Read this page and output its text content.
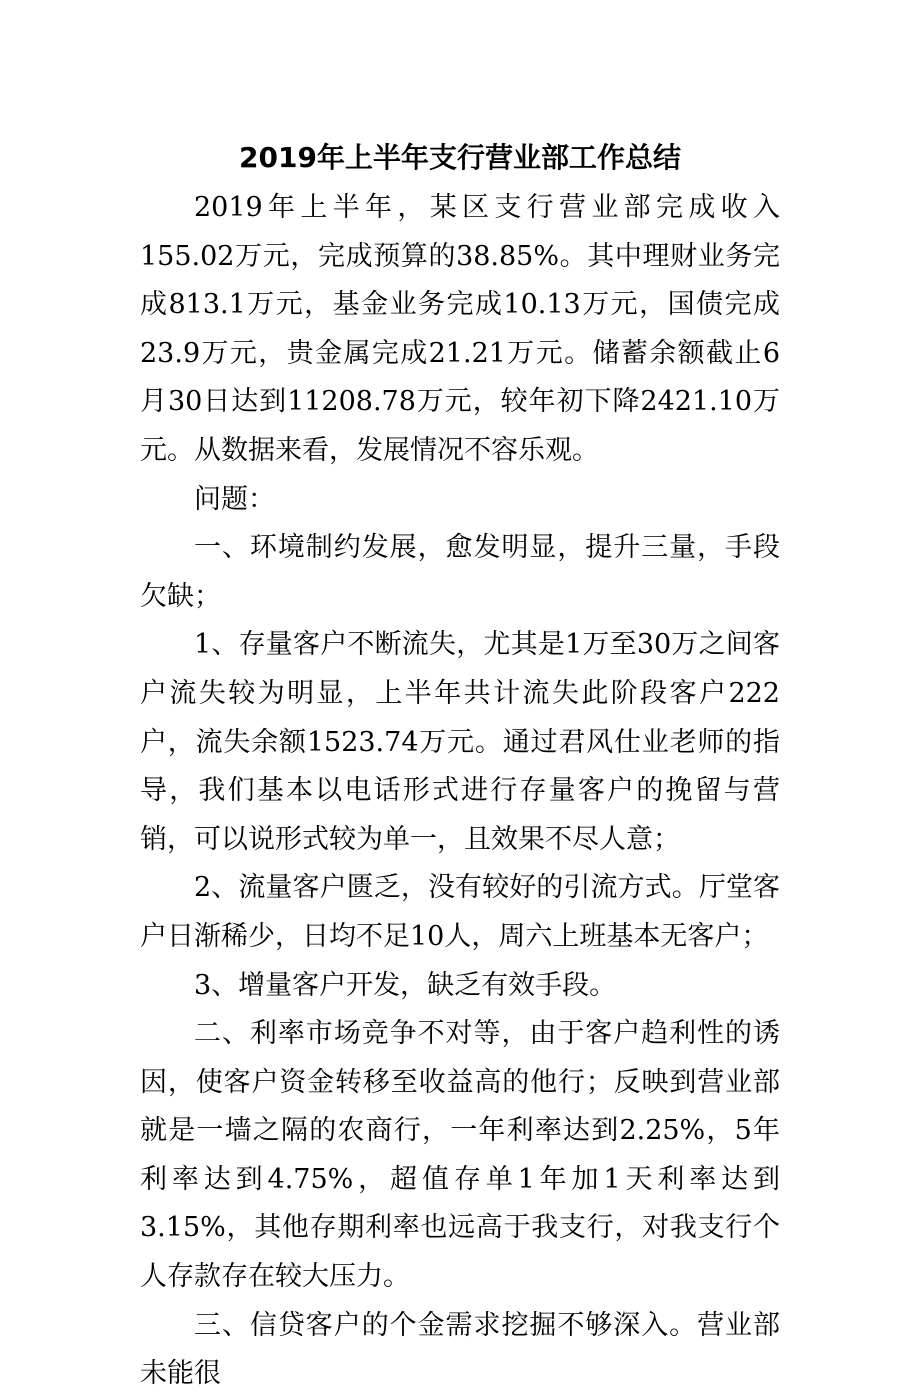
2019年上半年支行营业部工作总结

2019年上半年，某区支行营业部完成收入155.02万元，完成预算的38.85%。其中理财业务完成813.1万元，基金业务完成10.13万元，国债完成23.9万元，贵金属完成21.21万元。储蓄余额截止6月30日达到11208.78万元，较年初下降2421.10万元。从数据来看，发展情况不容乐观。

问题：

一、环境制约发展，愈发明显，提升三量，手段欠缺；

1、存量客户不断流失，尤其是1万至30万之间客户流失较为明显，上半年共计流失此阶段客户222户，流失余额1523.74万元。通过君风仕业老师的指导，我们基本以电话形式进行存量客户的挽留与营销，可以说形式较为单一，且效果不尽人意；

2、流量客户匮乏，没有较好的引流方式。厅堂客户日渐稀少，日均不足10人，周六上班基本无客户；

3、增量客户开发，缺乏有效手段。

二、利率市场竞争不对等，由于客户趋利性的诱因，使客户资金转移至收益高的他行；反映到营业部就是一墙之隔的农商行，一年利率达到2.25%，5年利率达到4.75%，超值存单1年加1天利率达到3.15%，其他存期利率也远高于我支行，对我支行个人存款存在较大压力。

三、信贷客户的个金需求挖掘不够深入。营业部未能很
